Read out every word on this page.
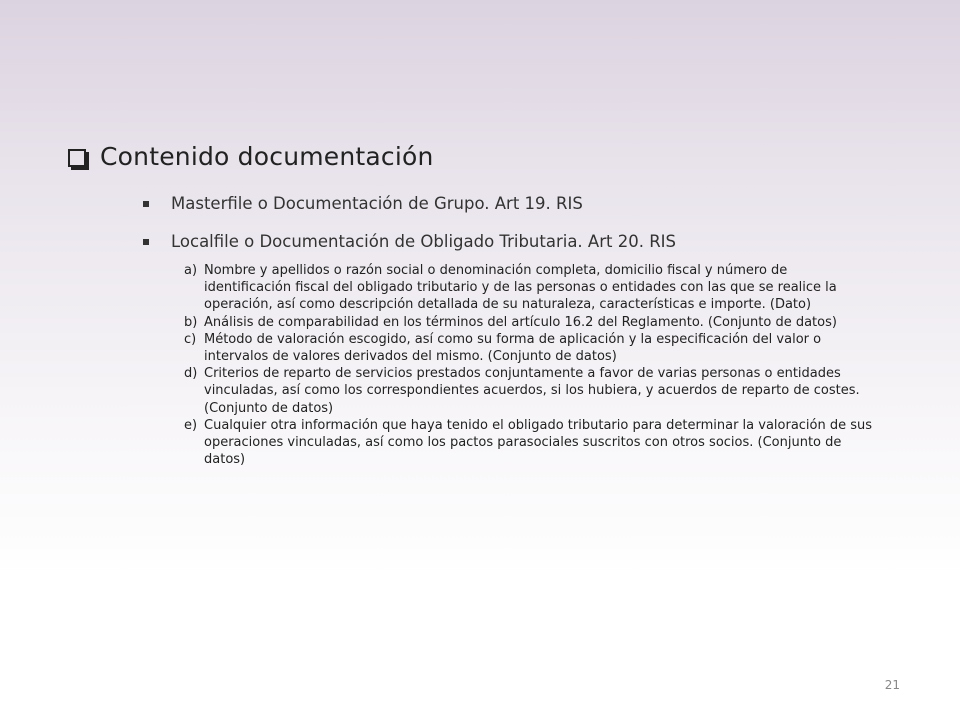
Contenido documentación
Masterfile o Documentación de Grupo. Art 19. RIS
Localfile o Documentación de Obligado Tributaria. Art 20. RIS
a) Nombre y apellidos o razón social o denominación completa, domicilio fiscal y número de identificación fiscal del obligado tributario y de las personas o entidades con las que se realice la operación, así como descripción detallada de su naturaleza, características e importe. (Dato)
b) Análisis de comparabilidad en los términos del artículo 16.2 del Reglamento. (Conjunto de datos)
c) Método de valoración escogido, así como su forma de aplicación y la especificación del valor o intervalos de valores derivados del mismo. (Conjunto de datos)
d) Criterios de reparto de servicios prestados conjuntamente a favor de varias personas o entidades vinculadas, así como los correspondientes acuerdos, si los hubiera, y acuerdos de reparto de costes. (Conjunto de datos)
e) Cualquier otra información que haya tenido el obligado tributario para determinar la valoración de sus operaciones vinculadas, así como los pactos parasociales suscritos con otros socios. (Conjunto de datos)
21
